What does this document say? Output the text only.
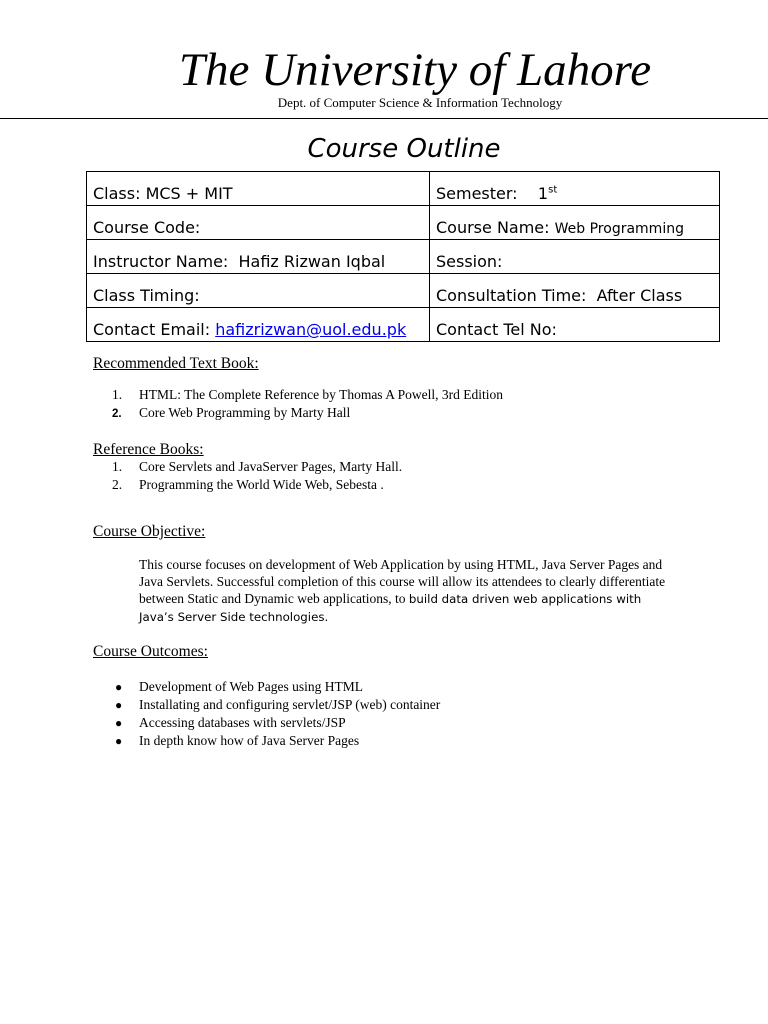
The University of Lahore
Dept. of Computer Science & Information Technology
Course Outline
Class: MCS + MIT	Semester: 1st
Course Code:	Course Name: Web Programming
Instructor Name: Hafiz Rizwan Iqbal	Session:
Class Timing:	Consultation Time: After Class
Contact Email: hafizrizwan@uol.edu.pk	Contact Tel No:
Recommended Text Book:
1. HTML: The Complete Reference by Thomas A Powell, 3rd Edition
2. Core Web Programming by Marty Hall
Reference Books:
1. Core Servlets and JavaServer Pages, Marty Hall.
2. Programming the World Wide Web, Sebesta .
Course Objective:
This course focuses on development of Web Application by using HTML, Java Server Pages and Java Servlets. Successful completion of this course will allow its attendees to clearly differentiate between Static and Dynamic web applications, to build data driven web applications with Java’s Server Side technologies.
Course Outcomes:
● Development of Web Pages using HTML
● Installating and configuring servlet/JSP (web) container
● Accessing databases with servlets/JSP
● In depth know how of Java Server Pages
